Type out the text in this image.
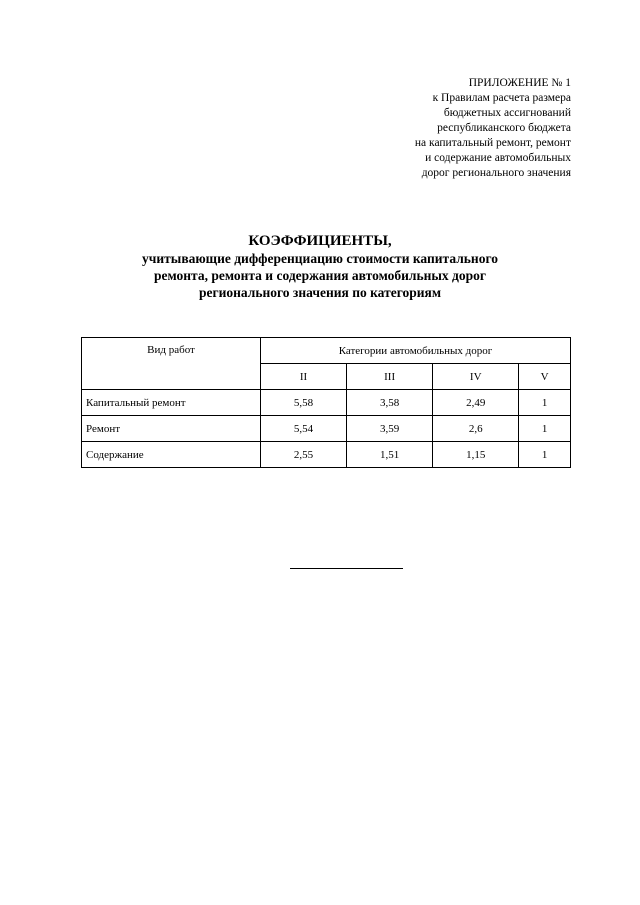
ПРИЛОЖЕНИЕ № 1
к Правилам расчета размера
бюджетных ассигнований
республиканского бюджета
на капитальный ремонт, ремонт
и содержание автомобильных
дорог регионального значения
КОЭФФИЦИЕНТЫ,
учитывающие дифференциацию стоимости капитального
ремонта, ремонта и содержания автомобильных дорог
регионального значения по категориям
Вид работ	Категории автомобильных дорог			
	II	III	IV	V
Капитальный ремонт	5,58	3,58	2,49	1
Ремонт	5,54	3,59	2,6	1
Содержание	2,55	1,51	1,15	1
